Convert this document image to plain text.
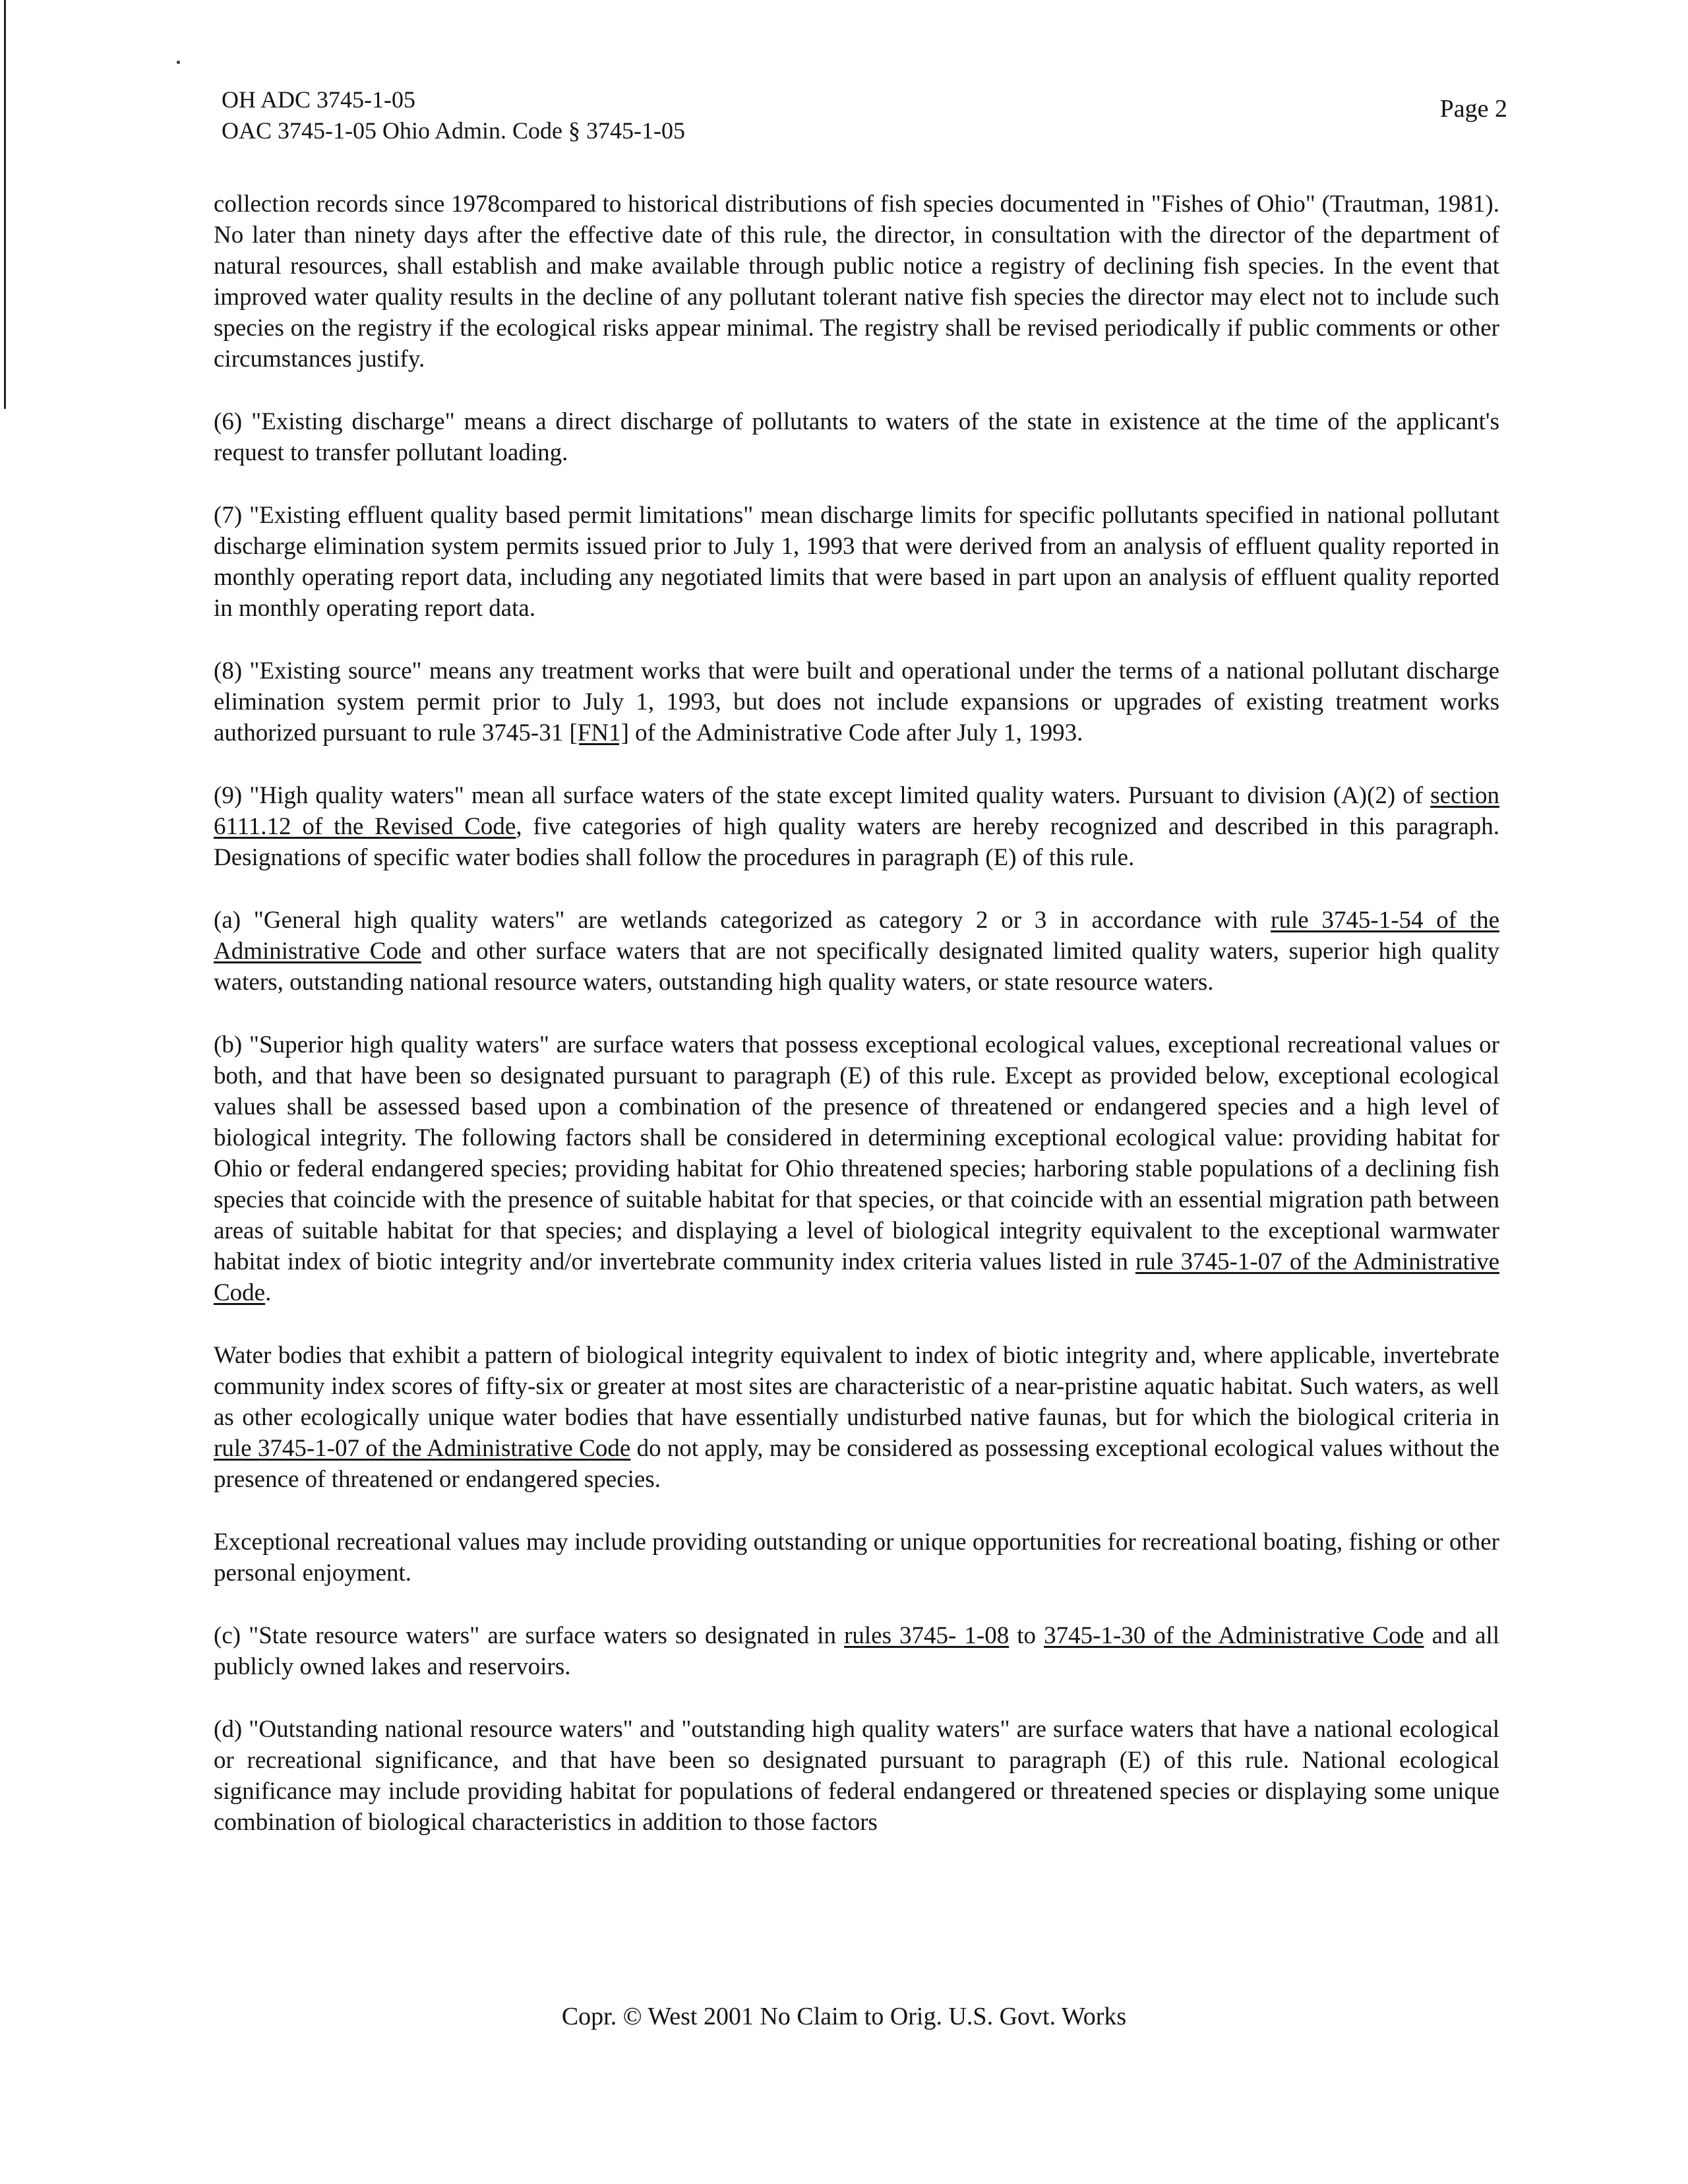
OH ADC 3745-1-05
OAC 3745-1-05 Ohio Admin. Code § 3745-1-05
Page 2

collection records since 1978compared to historical distributions of fish species documented in "Fishes of Ohio" (Trautman, 1981). No later than ninety days after the effective date of this rule, the director, in consultation with the director of the department of natural resources, shall establish and make available through public notice a registry of declining fish species. In the event that improved water quality results in the decline of any pollutant tolerant native fish species the director may elect not to include such species on the registry if the ecological risks appear minimal. The registry shall be revised periodically if public comments or other circumstances justify.

(6) "Existing discharge" means a direct discharge of pollutants to waters of the state in existence at the time of the applicant's request to transfer pollutant loading.

(7) "Existing effluent quality based permit limitations" mean discharge limits for specific pollutants specified in national pollutant discharge elimination system permits issued prior to July 1, 1993 that were derived from an analysis of effluent quality reported in monthly operating report data, including any negotiated limits that were based in part upon an analysis of effluent quality reported in monthly operating report data.

(8) "Existing source" means any treatment works that were built and operational under the terms of a national pollutant discharge elimination system permit prior to July 1, 1993, but does not include expansions or upgrades of existing treatment works authorized pursuant to rule 3745-31 [FN1] of the Administrative Code after July 1, 1993.

(9) "High quality waters" mean all surface waters of the state except limited quality waters. Pursuant to division (A)(2) of section 6111.12 of the Revised Code, five categories of high quality waters are hereby recognized and described in this paragraph. Designations of specific water bodies shall follow the procedures in paragraph (E) of this rule.

(a) "General high quality waters" are wetlands categorized as category 2 or 3 in accordance with rule 3745-1-54 of the Administrative Code and other surface waters that are not specifically designated limited quality waters, superior high quality waters, outstanding national resource waters, outstanding high quality waters, or state resource waters.

(b) "Superior high quality waters" are surface waters that possess exceptional ecological values, exceptional recreational values or both, and that have been so designated pursuant to paragraph (E) of this rule. Except as provided below, exceptional ecological values shall be assessed based upon a combination of the presence of threatened or endangered species and a high level of biological integrity. The following factors shall be considered in determining exceptional ecological value: providing habitat for Ohio or federal endangered species; providing habitat for Ohio threatened species; harboring stable populations of a declining fish species that coincide with the presence of suitable habitat for that species, or that coincide with an essential migration path between areas of suitable habitat for that species; and displaying a level of biological integrity equivalent to the exceptional warmwater habitat index of biotic integrity and/or invertebrate community index criteria values listed in rule 3745-1-07 of the Administrative Code.

Water bodies that exhibit a pattern of biological integrity equivalent to index of biotic integrity and, where applicable, invertebrate community index scores of fifty-six or greater at most sites are characteristic of a near-pristine aquatic habitat. Such waters, as well as other ecologically unique water bodies that have essentially undisturbed native faunas, but for which the biological criteria in rule 3745-1-07 of the Administrative Code do not apply, may be considered as possessing exceptional ecological values without the presence of threatened or endangered species.

Exceptional recreational values may include providing outstanding or unique opportunities for recreational boating, fishing or other personal enjoyment.

(c) "State resource waters" are surface waters so designated in rules 3745- 1-08 to 3745-1-30 of the Administrative Code and all publicly owned lakes and reservoirs.

(d) "Outstanding national resource waters" and "outstanding high quality waters" are surface waters that have a national ecological or recreational significance, and that have been so designated pursuant to paragraph (E) of this rule. National ecological significance may include providing habitat for populations of federal endangered or threatened species or displaying some unique combination of biological characteristics in addition to those factors

Copr. © West 2001 No Claim to Orig. U.S. Govt. Works
